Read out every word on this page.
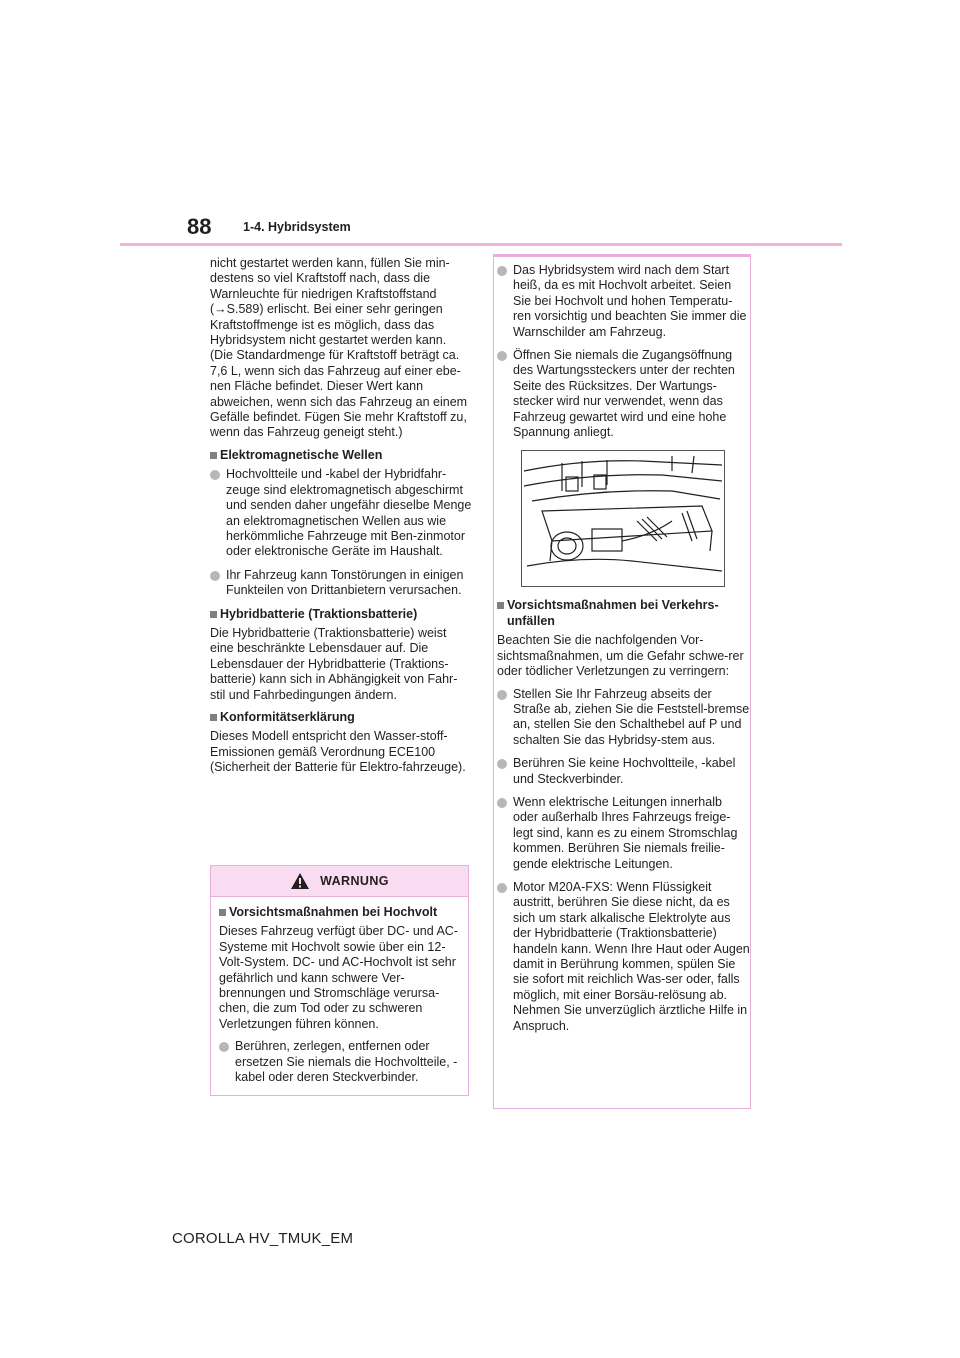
88	1-4. Hybridsystem

nicht gestartet werden kann, füllen Sie min-destens so viel Kraftstoff nach, dass die Warnleuchte für niedrigen Kraftstoffstand (→S.589) erlischt. Bei einer sehr geringen Kraftstoffmenge ist es möglich, dass das Hybridsystem nicht gestartet werden kann. (Die Standardmenge für Kraftstoff beträgt ca. 7,6 L, wenn sich das Fahrzeug auf einer ebe-nen Fläche befindet. Dieser Wert kann abweichen, wenn sich das Fahrzeug an einem Gefälle befindet. Fügen Sie mehr Kraftstoff zu, wenn das Fahrzeug geneigt steht.)

Elektromagnetische Wellen
Hochvoltteile und -kabel der Hybridfahr-zeuge sind elektromagnetisch abgeschirmt und senden daher ungefähr dieselbe Menge an elektromagnetischen Wellen aus wie herkömmliche Fahrzeuge mit Ben-zinmotor oder elektronische Geräte im Haushalt.
Ihr Fahrzeug kann Tonstörungen in einigen Funkteilen von Drittanbietern verursachen.
Hybridbatterie (Traktionsbatterie)

Die Hybridbatterie (Traktionsbatterie) weist eine beschränkte Lebensdauer auf. Die Lebensdauer der Hybridbatterie (Traktions-batterie) kann sich in Abhängigkeit von Fahr-stil und Fahrbedingungen ändern.

Konformitätserklärung

Dieses Modell entspricht den Wasser-stoff-Emissionen gemäß Verordnung ECE100 (Sicherheit der Batterie für Elektro-fahrzeuge).

WARNUNG
Vorsichtsmaßnahmen bei Hochvolt

Dieses Fahrzeug verfügt über DC- und AC-Systeme mit Hochvolt sowie über ein 12-Volt-System. DC- und AC-Hochvolt ist sehr gefährlich und kann schwere Ver-brennungen und Stromschläge verursa-chen, die zum Tod oder zu schweren Verletzungen führen können.

Berühren, zerlegen, entfernen oder ersetzen Sie niemals die Hochvoltteile, -kabel oder deren Steckverbinder.
Das Hybridsystem wird nach dem Start heiß, da es mit Hochvolt arbeitet. Seien Sie bei Hochvolt und hohen Temperatu-ren vorsichtig und beachten Sie immer die Warnschilder am Fahrzeug.
Öffnen Sie niemals die Zugangsöffnung des Wartungssteckers unter der rechten Seite des Rücksitzes. Der Wartungs-stecker wird nur verwendet, wenn das Fahrzeug gewartet wird und eine hohe Spannung anliegt.
Vorsichtsmaßnahmen bei Verkehrs-unfällen

Beachten Sie die nachfolgenden Vor-sichtsmaßnahmen, um die Gefahr schwe-rer oder tödlicher Verletzungen zu verringern:

Stellen Sie Ihr Fahrzeug abseits der Straße ab, ziehen Sie die Feststell-bremse an, stellen Sie den Schalthebel auf P und schalten Sie das Hybridsy-stem aus.
Berühren Sie keine Hochvoltteile, -kabel und Steckverbinder.
Wenn elektrische Leitungen innerhalb oder außerhalb Ihres Fahrzeugs freige-legt sind, kann es zu einem Stromschlag kommen. Berühren Sie niemals freilie-gende elektrische Leitungen.
Motor M20A-FXS: Wenn Flüssigkeit austritt, berühren Sie diese nicht, da es sich um stark alkalische Elektrolyte aus der Hybridbatterie (Traktionsbatterie) handeln kann. Wenn Ihre Haut oder Augen damit in Berührung kommen, spülen Sie sie sofort mit reichlich Was-ser oder, falls möglich, mit einer Borsäu-relösung ab. Nehmen Sie unverzüglich ärztliche Hilfe in Anspruch.
COROLLA HV_TMUK_EM
